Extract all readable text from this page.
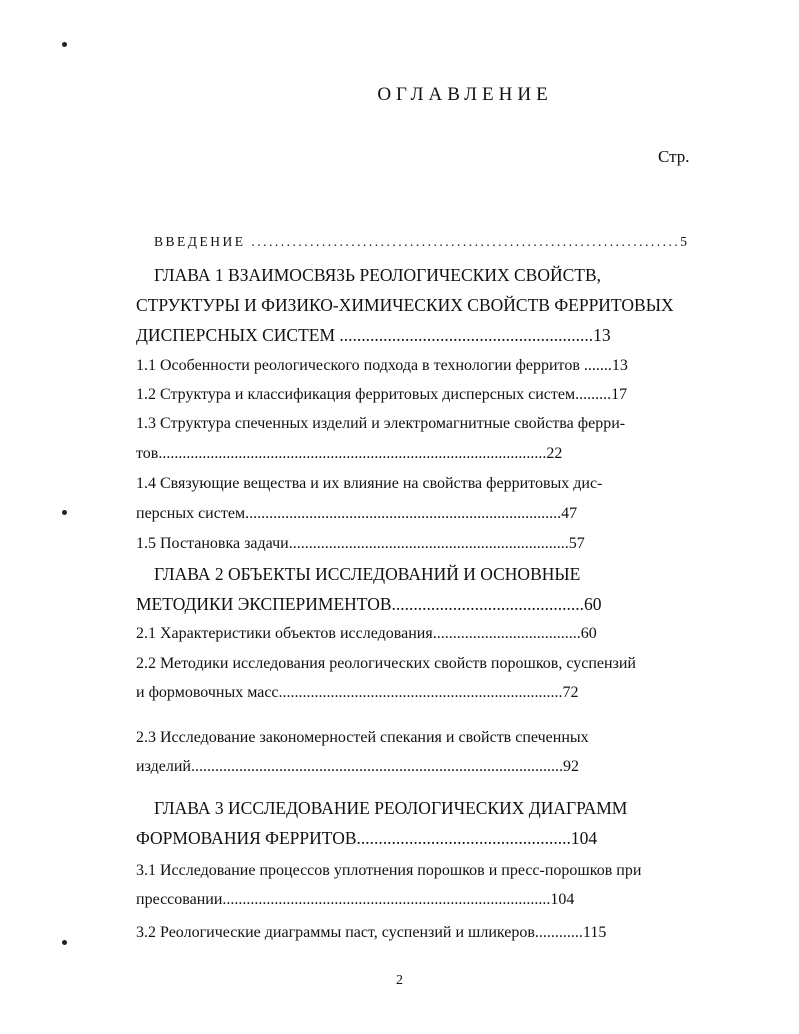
ОГЛАВЛЕНИЕ
Стр.
ВВЕДЕНИЕ .........................................................................5
ГЛАВА 1 ВЗАИМОСВЯЗЬ РЕОЛОГИЧЕСКИХ СВОЙСТВ,
СТРУКТУРЫ И ФИЗИКО-ХИМИЧЕСКИХ СВОЙСТВ ФЕРРИТОВЫХ
ДИСПЕРСНЫХ СИСТЕМ ..........................................................13
1.1 Особенности реологического подхода в технологии ферритов .......13
1.2 Структура и классификация ферритовых дисперсных систем.........17
1.3 Структура спеченных изделий и электромагнитные свойства ферри-
тов.................................................................................................22
1.4 Связующие вещества и их влияние на свойства ферритовых дис-
персных систем...............................................................................47
1.5 Постановка задачи......................................................................57
ГЛАВА 2 ОБЪЕКТЫ ИССЛЕДОВАНИЙ И ОСНОВНЫЕ
МЕТОДИКИ ЭКСПЕРИМЕНТОВ............................................60
2.1 Характеристики объектов исследования.....................................60
2.2 Методики исследования реологических свойств порошков, суспензий
и формовочных масс.......................................................................72
2.3 Исследование закономерностей спекания и свойств спеченных
изделий.............................................................................................92
ГЛАВА 3 ИССЛЕДОВАНИЕ РЕОЛОГИЧЕСКИХ ДИАГРАММ
ФОРМОВАНИЯ ФЕРРИТОВ.................................................104
3.1 Исследование процессов уплотнения порошков и пресс-порошков при
прессовании..................................................................................104
3.2 Реологические диаграммы паст, суспензий и шликеров............115
2
